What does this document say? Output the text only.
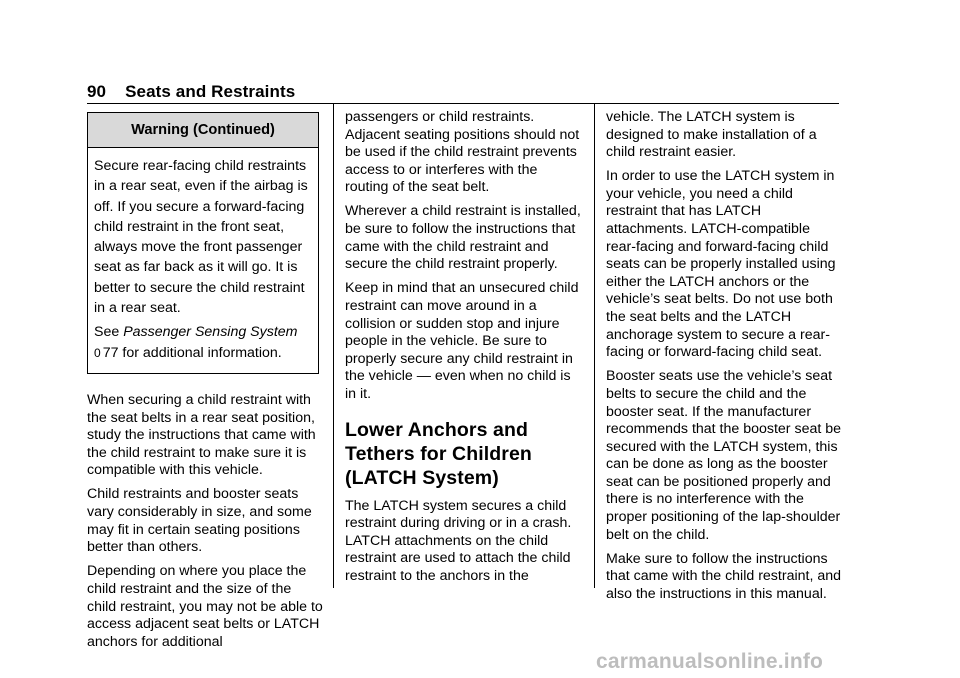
90 Seats and Restraints
Warning (Continued)

Secure rear-facing child restraints in a rear seat, even if the airbag is off. If you secure a forward-facing child restraint in the front seat, always move the front passenger seat as far back as it will go. It is better to secure the child restraint in a rear seat.

See Passenger Sensing System
0 77 for additional information.

When securing a child restraint with the seat belts in a rear seat position, study the instructions that came with the child restraint to make sure it is compatible with this vehicle.

Child restraints and booster seats vary considerably in size, and some may fit in certain seating positions better than others.

Depending on where you place the child restraint and the size of the child restraint, you may not be able to access adjacent seat belts or LATCH anchors for additional

passengers or child restraints. Adjacent seating positions should not be used if the child restraint prevents access to or interferes with the routing of the seat belt.

Wherever a child restraint is installed, be sure to follow the instructions that came with the child restraint and secure the child restraint properly.

Keep in mind that an unsecured child restraint can move around in a collision or sudden stop and injure people in the vehicle. Be sure to properly secure any child restraint in the vehicle — even when no child is in it.

Lower Anchors and Tethers for Children (LATCH System)

The LATCH system secures a child restraint during driving or in a crash. LATCH attachments on the child restraint are used to attach the child restraint to the anchors in the

vehicle. The LATCH system is designed to make installation of a child restraint easier.

In order to use the LATCH system in your vehicle, you need a child restraint that has LATCH attachments. LATCH-compatible rear-facing and forward-facing child seats can be properly installed using either the LATCH anchors or the vehicle’s seat belts. Do not use both the seat belts and the LATCH anchorage system to secure a rear-facing or forward-facing child seat.

Booster seats use the vehicle’s seat belts to secure the child and the booster seat. If the manufacturer recommends that the booster seat be secured with the LATCH system, this can be done as long as the booster seat can be positioned properly and there is no interference with the proper positioning of the lap-shoulder belt on the child.

Make sure to follow the instructions that came with the child restraint, and also the instructions in this manual.

carmanualsonline.info
